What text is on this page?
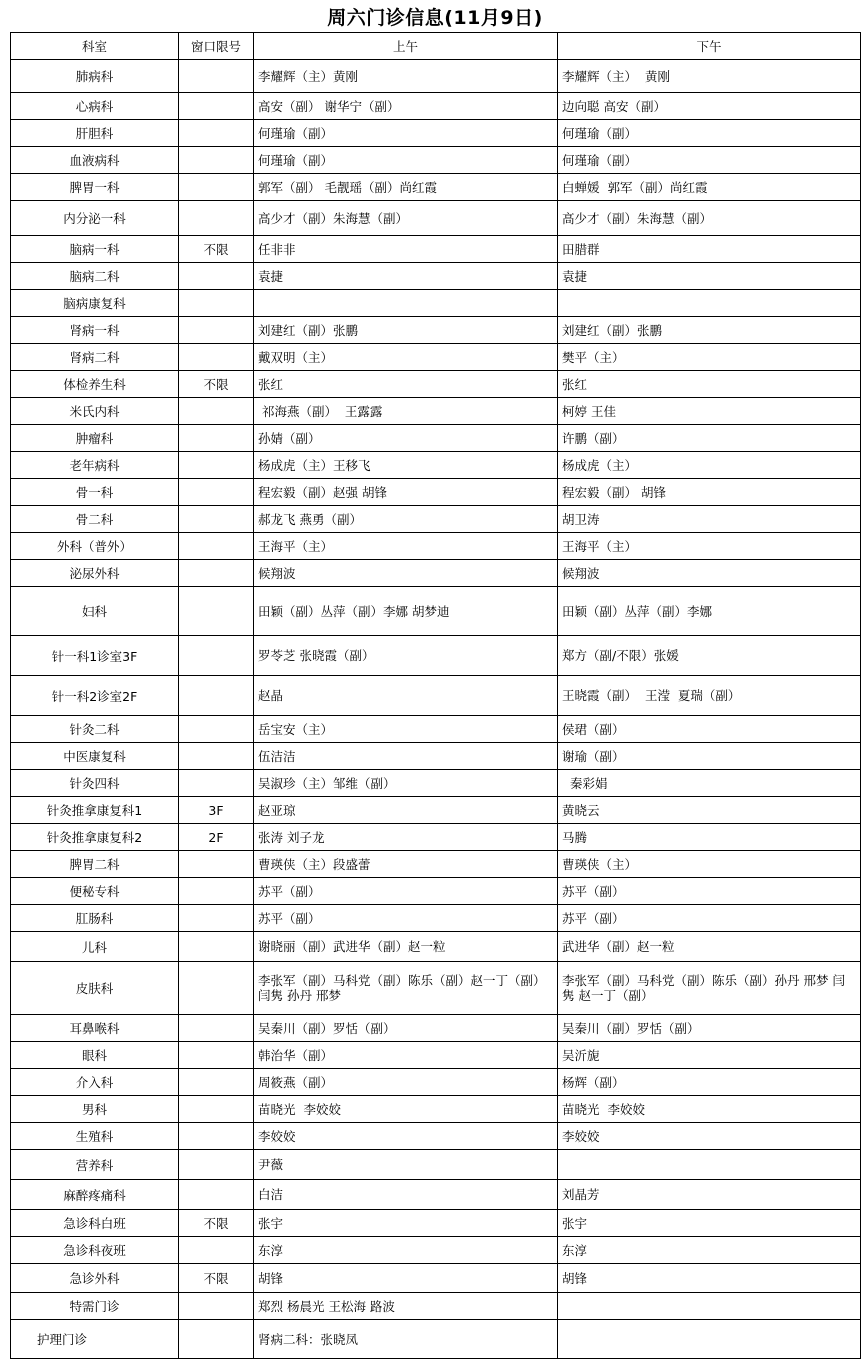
周六门诊信息(11月9日)
科室	窗口限号	上午	下午
肺病科		李耀辉（主）黄刚	李耀辉（主）  黄刚
心病科		高安（副） 谢华宁（副）	边向聪 高安（副）
肝胆科		何瑾瑜（副）	何瑾瑜（副）
血液病科		何瑾瑜（副）	何瑾瑜（副）
脾胃一科		郭军（副） 毛靓瑶（副）尚红霞	白蝉媛  郭军（副）尚红霞
内分泌一科		高少才（副）朱海慧（副）	高少才（副）朱海慧（副）
脑病一科	不限	任非非	田腊群
脑病二科		袁捷	袁捷
脑病康复科			
肾病一科		刘建红（副）张鹏	刘建红（副）张鹏
肾病二科		戴双明（主）	樊平（主）
体检养生科	不限	张红	张红
米氏内科		祁海燕（副）  王露露	柯婷 王佳
肿瘤科		孙婧（副）	许鹏（副）
老年病科		杨成虎（主）王移飞	杨成虎（主）
骨一科		程宏毅（副）赵强 胡锋	程宏毅（副） 胡锋
骨二科		郝龙飞 燕勇（副）	胡卫涛
外科（普外）		王海平（主）	王海平（主）
泌尿外科		候翔波	候翔波
妇科		田颖（副）丛萍（副）李娜 胡梦迪	田颖（副）丛萍（副）李娜
针一科1诊室3F		罗苓芝 张晓霞（副）	郑方（副/不限）张媛
针一科2诊室2F		赵晶	王晓霞（副）  王滢  夏瑞（副）
针灸二科		岳宝安（主）	侯珺（副）
中医康复科		伍洁洁	谢瑜（副）
针灸四科		吴淑珍（主）邹维（副）	秦彩娟
针灸推拿康复科1	3F	赵亚琼	黄晓云
针灸推拿康复科2	2F	张涛 刘子龙	马腾
脾胃二科		曹瑛侠（主）段盛蕾	曹瑛侠（主）
便秘专科		苏平（副）	苏平（副）
肛肠科		苏平（副）	苏平（副）
儿科		谢晓丽（副）武进华（副）赵一粒	武进华（副）赵一粒
皮肤科		李张军（副）马科党（副）陈乐（副）赵一丁（副）闫隽 孙丹 邢梦	李张军（副）马科党（副）陈乐（副）孙丹 邢梦 闫隽 赵一丁（副）
耳鼻喉科		吴秦川（副）罗恬（副）	吴秦川（副）罗恬（副）
眼科		韩治华（副）	吴沂旎
介入科		周筱燕（副）	杨辉（副）
男科		苗晓光  李姣姣	苗晓光  李姣姣
生殖科		李姣姣	李姣姣
营养科		尹薇	
麻醉疼痛科		白洁	刘晶芳
急诊科白班	不限	张宇	张宇
急诊科夜班		东淳	东淳
急诊外科	不限	胡锋	胡锋
特需门诊		郑烈 杨晨光 王松海 路波	
护理门诊		肾病二科：张晓凤	
